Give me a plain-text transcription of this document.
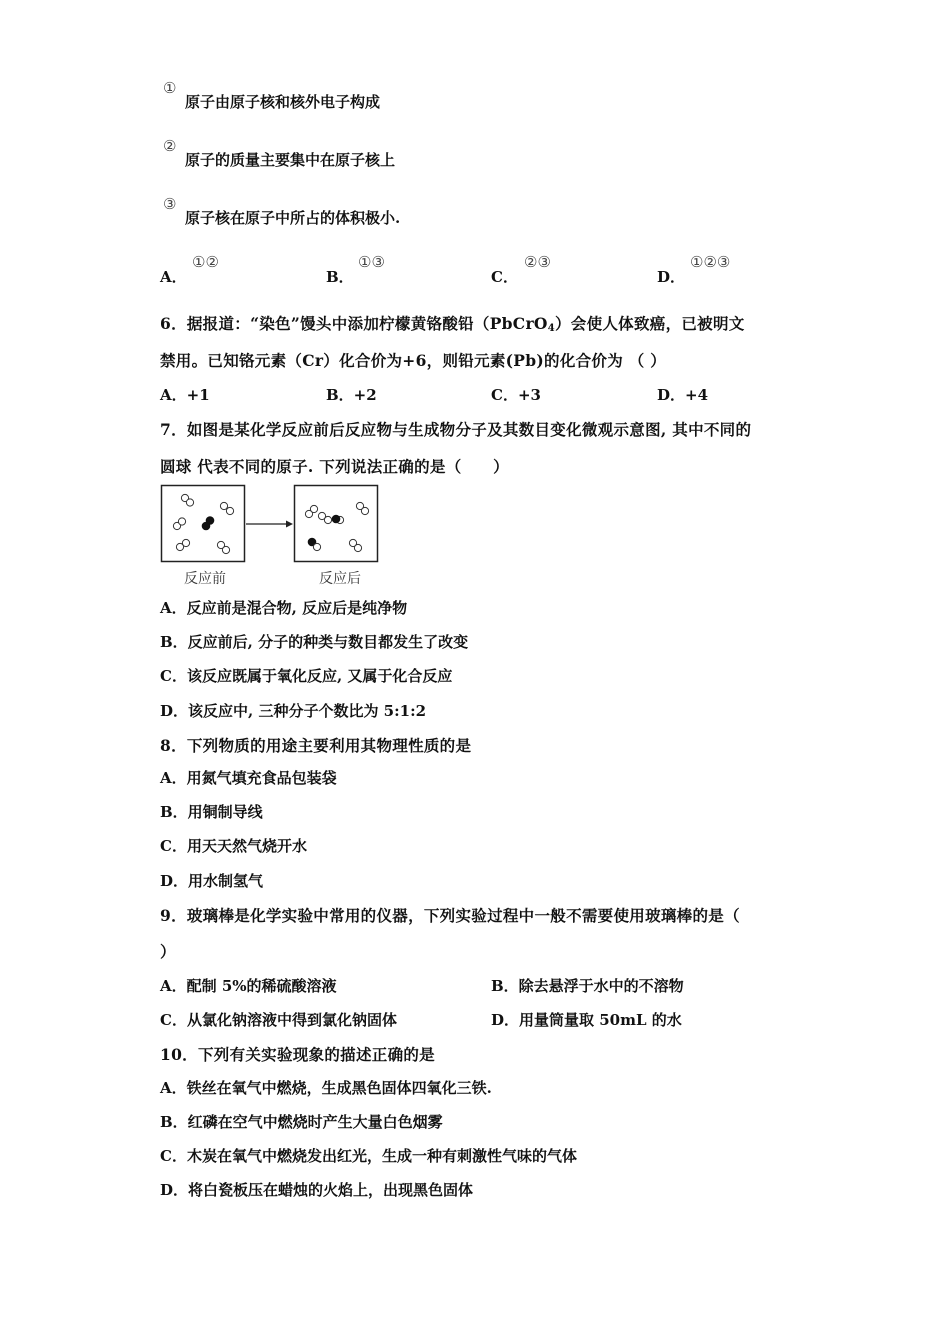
①
原子由原子核和核外电子构成
②
原子的质量主要集中在原子核上
③
原子核在原子中所占的体积极小.
A．
①②
B．
①③
C．
②③
D．
①②③
6．据报道：“染色”馒头中添加柠檬黄铬酸铅（PbCrO$_4$）会使人体致癌，已被明文
禁用。已知铬元素（Cr）化合价为+6，则铅元素(Pb)的化合价为 （ ）
A．+1	B．+2	C．+3	D．+4
7．如图是某化学反应前后反应物与生成物分子及其数目变化微观示意图, 其中不同的
圆球 代表不同的原子. 下列说法正确的是（　　）
反应前	反应后
A．反应前是混合物, 反应后是纯净物
B．反应前后, 分子的种类与数目都发生了改变
C．该反应既属于氧化反应, 又属于化合反应
D．该反应中, 三种分子个数比为 5:1:2
8．下列物质的用途主要利用其物理性质的是
A．用氮气填充食品包装袋
B．用铜制导线
C．用天天然气烧开水
D．用水制氢气
9．玻璃棒是化学实验中常用的仪器，下列实验过程中一般不需要使用玻璃棒的是（
）
A．配制 5%的稀硫酸溶液	B．除去悬浮于水中的不溶物
C．从氯化钠溶液中得到氯化钠固体	D．用量筒量取 50mL 的水
10．下列有关实验现象的描述正确的是
A．铁丝在氧气中燃烧，生成黑色固体四氧化三铁.
B．红磷在空气中燃烧时产生大量白色烟雾
C．木炭在氧气中燃烧发出红光，生成一种有刺激性气味的气体
D．将白瓷板压在蜡烛的火焰上，出现黑色固体
